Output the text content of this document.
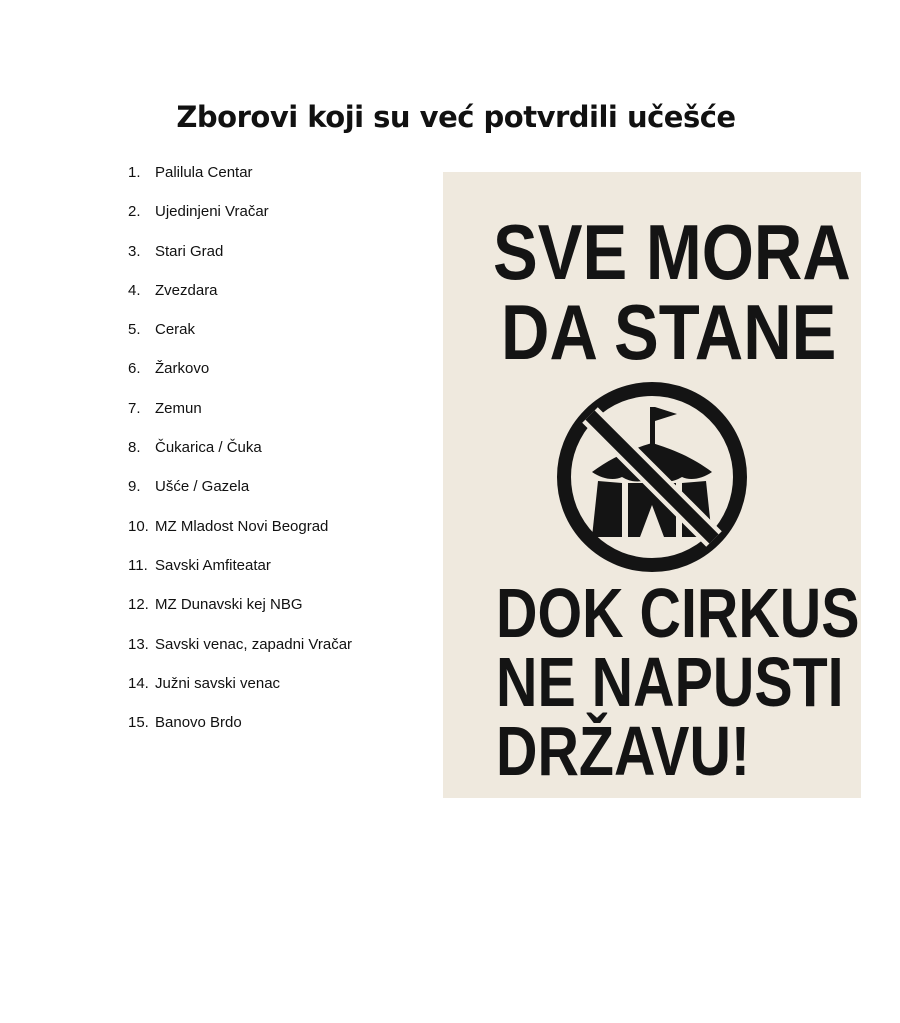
Zborovi koji su već potvrdili učešće
1. Palilula Centar
2. Ujedinjeni Vračar
3. Stari Grad
4. Zvezdara
5. Cerak
6. Žarkovo
7. Zemun
8. Čukarica / Čuka
9. Ušće / Gazela
10. MZ Mladost Novi Beograd
11. Savski Amfiteatar
12. MZ Dunavski kej NBG
13. Savski venac, zapadni Vračar
14. Južni savski venac
15. Banovo Brdo
SVE MORA
DA STANE
DOK CIRKUS
NE NAPUSTI
DRŽAVU!
